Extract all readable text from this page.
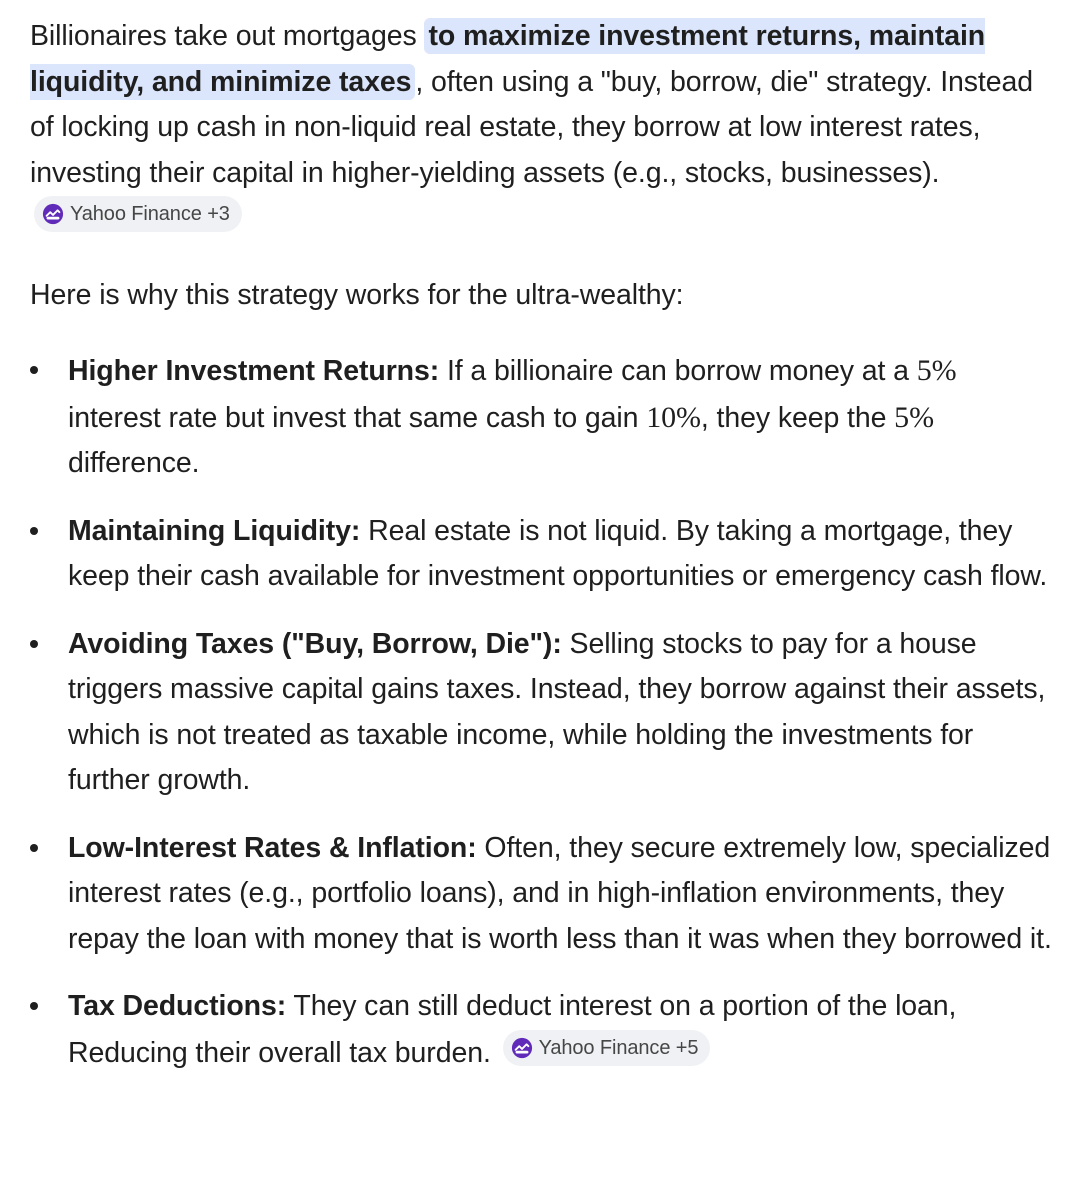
Billionaires take out mortgages to maximize investment returns, maintain liquidity, and minimize taxes , often using a "buy, borrow, die" strategy. Instead of locking up cash in non-liquid real estate, they borrow at low interest rates, investing their capital in higher-yielding assets (e.g., stocks, businesses).
Yahoo Finance +3

Here is why this strategy works for the ultra-wealthy:

Higher Investment Returns: If a billionaire can borrow money at a 5% interest rate but invest that same cash to gain 10%, they keep the 5% difference.
Maintaining Liquidity: Real estate is not liquid. By taking a mortgage, they keep their cash available for investment opportunities or emergency cash flow.
Avoiding Taxes ("Buy, Borrow, Die"): Selling stocks to pay for a house triggers massive capital gains taxes. Instead, they borrow against their assets, which is not treated as taxable income, while holding the investments for further growth.
Low-Interest Rates & Inflation: Often, they secure extremely low, specialized interest rates (e.g., portfolio loans), and in high-inflation environments, they repay the loan with money that is worth less than it was when they borrowed it.
Tax Deductions: They can still deduct interest on a portion of the loan, Reducing their overall tax burden. Yahoo Finance +5
